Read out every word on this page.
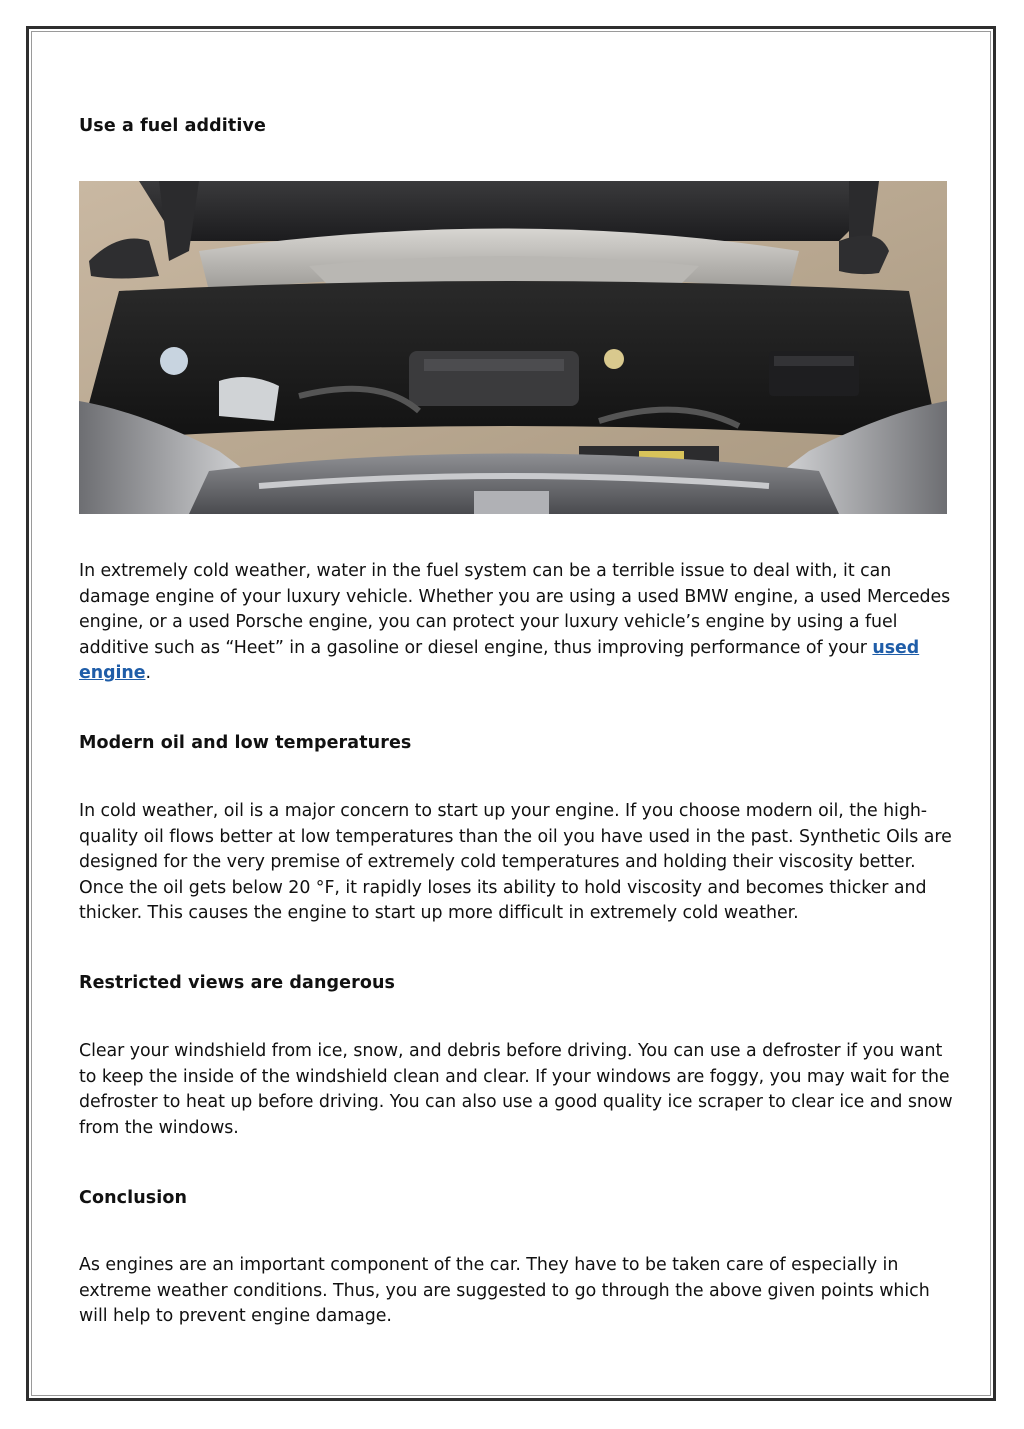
Use a fuel additive
In extremely cold weather, water in the fuel system can be a terrible issue to deal with, it can damage engine of your luxury vehicle. Whether you are using a used BMW engine, a used Mercedes engine, or a used Porsche engine, you can protect your luxury vehicle’s engine by using a fuel additive such as “Heet” in a gasoline or diesel engine, thus improving performance of your used engine.
Modern oil and low temperatures
In cold weather, oil is a major concern to start up your engine. If you choose modern oil, the high-quality oil flows better at low temperatures than the oil you have used in the past. Synthetic Oils are designed for the very premise of extremely cold temperatures and holding their viscosity better. Once the oil gets below 20 °F, it rapidly loses its ability to hold viscosity and becomes thicker and thicker. This causes the engine to start up more difficult in extremely cold weather.
Restricted views are dangerous
Clear your windshield from ice, snow, and debris before driving. You can use a defroster if you want to keep the inside of the windshield clean and clear. If your windows are foggy, you may wait for the defroster to heat up before driving. You can also use a good quality ice scraper to clear ice and snow from the windows.
Conclusion
As engines are an important component of the car. They have to be taken care of especially in extreme weather conditions. Thus, you are suggested to go through the above given points which will help to prevent engine damage.
